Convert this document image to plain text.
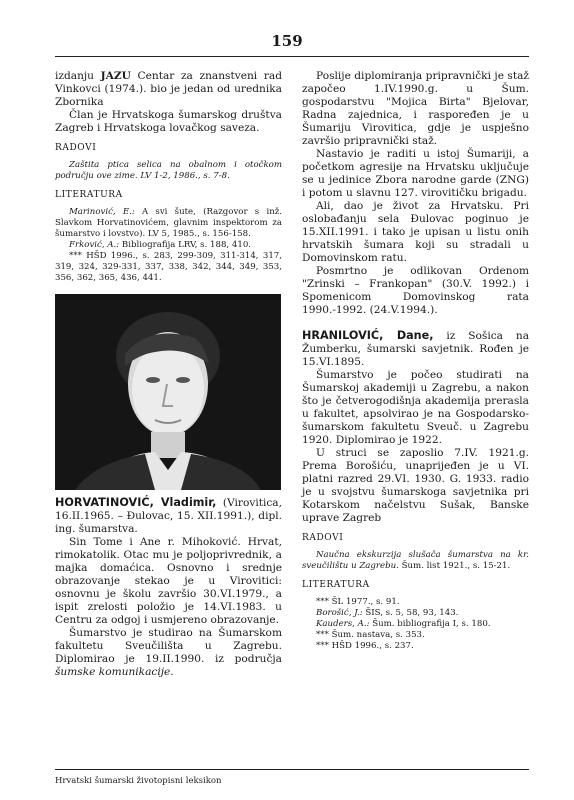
159

izdanju JAZU Centar za znanstveni rad Vinkovci (1974.). bio je jedan od urednika Zbornika

Član je Hrvatskoga šumarskog društva Zagreb i Hrvatskoga lovačkog saveza.

RADOVI

Zaštita ptica selica na obalnom i otočkom području ove zime. LV 1-2, 1986., s. 7-8.

LITERATURA

Marinović, E.: A svi šute, (Razgovor s inž. Slavkom Horvatinovićem, glavnim inspektorom za šumarstvo i lovstvo). LV 5, 1985., s. 156-158.

Frković, A.: Bibliografija LRV, s. 188, 410.

*** HŠD 1996., s. 283, 299-309, 311-314, 317, 319, 324, 329-331, 337, 338, 342, 344, 349, 353, 356, 362, 365, 436, 441.

HORVATINOVIĆ, Vladimir, (Virovitica, 16.II.1965. – Đulovac, 15. XII.1991.), dipl. ing. šumarstva.

Sin Tome i Ane r. Mihoković. Hrvat, rimokatolik. Otac mu je poljoprivrednik, a majka domaćica. Osnovno i srednje obrazovanje stekao je u Virovitici: osnovnu je školu završio 30.VI.1979., a ispit zrelosti položio je 14.VI.1983. u Centru za odgoj i usmjereno obrazovanje.

Šumarstvo je studirao na Šumarskom fakultetu Sveučilišta u Zagrebu. Diplomirao je 19.II.1990. iz područja šumske komunikacije.

Poslije diplomiranja pripravnički je staž započeo 1.IV.1990.g. u Šum. gospodarstvu "Mojica Birta" Bjelovar, Radna zajednica, i raspoređen je u Šumariju Virovitica, gdje je uspješno završio pripravnički staž.

Nastavio je raditi u istoj Šumariji, a početkom agresije na Hrvatsku uključuje se u jedinice Zbora narodne garde (ZNG) i potom u slavnu 127. virovitičku brigadu.

Ali, dao je život za Hrvatsku. Pri oslobađanju sela Đulovac poginuo je 15.XII.1991. i tako je upisan u listu onih hrvatskih šumara koji su stradali u Domovinskom ratu.

Posmrtno je odlikovan Ordenom "Zrinski – Frankopan" (30.V. 1992.) i Spomenicom Domovinskog rata 1990.-1992. (24.V.1994.).

HRANILOVIĆ, Dane, iz Sošica na Žumberku, šumarski savjetnik. Rođen je 15.VI.1895.

Šumarstvo je počeo studirati na Šumarskoj akademiji u Zagrebu, a nakon što je četverogodišnja akademija prerasla u fakultet, apsolvirao je na Gospodarsko-šumarskom fakultetu Sveuč. u Zagrebu 1920. Diplomirao je 1922.

U struci se zaposlio 7.IV. 1921.g. Prema Borošiću, unaprijeđen je u VI. platni razred 29.VI. 1930. G. 1933. radio je u svojstvu šumarskoga savjetnika pri Kotarskom načelstvu Sušak, Banske uprave Zagreb

RADOVI

Naučna ekskurzija slušača šumarstva na kr. sveučilištu u Zagrebu. Šum. list 1921., s. 15-21.

LITERATURA

*** ŠL 1977., s. 91.

Borošić, J.: ŠIS, s. 5, 58, 93, 143.

Kauders, A.: Šum. bibliografija I, s. 180.

*** Šum. nastava, s. 353.

*** HŠD 1996., s. 237.

Hrvatski šumarski životopisni leksikon
